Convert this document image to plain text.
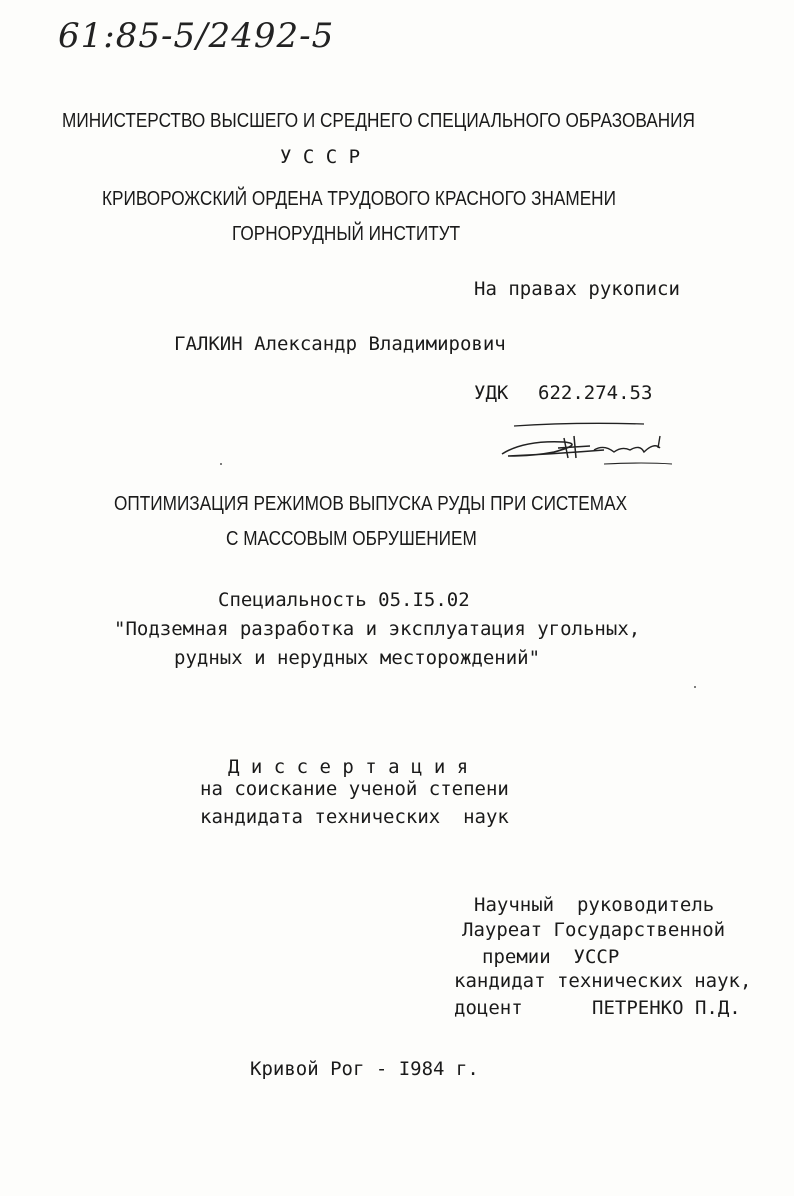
61:85-5/2492-5
МИНИСТЕРСТВО ВЫСШЕГО И СРЕДНЕГО СПЕЦИАЛЬНОГО ОБРАЗОВАНИЯ
У С С Р
КРИВОРОЖСКИЙ ОРДЕНА ТРУДОВОГО КРАСНОГО ЗНАМЕНИ
ГОРНОРУДНЫЙ ИНСТИТУТ
На правах рукописи
ГАЛКИН Александр Владимирович
УДК 622.274.53
ОПТИМИЗАЦИЯ РЕЖИМОВ ВЫПУСКА РУДЫ ПРИ СИСТЕМАХ
С МАССОВЫМ ОБРУШЕНИЕМ
Специальность 05.I5.02
"Подземная разработка и эксплуатация угольных,
рудных и нерудных месторождений"
Д и с с е р т а ц и я
на соискание ученой степени
кандидата технических  наук
Научный  руководитель
Лауреат Государственной
премии  УССР
кандидат технических наук,
доцент	ПЕТРЕНКО П.Д.
Кривой Рог - I984 г.
